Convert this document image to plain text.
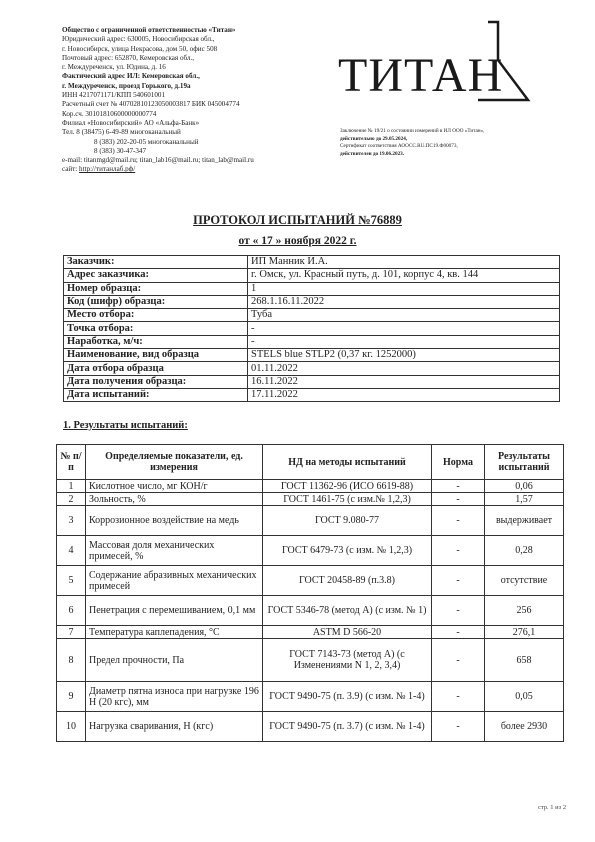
Общество с ограниченной ответственностью «Титан»
Юридический адрес: 630005, Новосибирская обл.,
г. Новосибирск, улица Некрасова, дом 50, офис 508
Почтовый адрес: 652870, Кемеровская обл.,
г. Междуреченск, ул. Юдина, д. 16
Фактический адрес ИЛ: Кемеровская обл.,
г. Междуреченск, проезд Горького, д.19а
ИНН 4217071171/КПП 540601001
Расчетный счет № 40702810123050003817 БИК 045004774
Кор.сч. 30101810600000000774
Филиал «Новосибирский» АО «Альфа-Банк»
Тел. 8 (38475) 6-49-89 многоканальный
8 (383) 202-20-05 многоканальный
8 (383) 30-47-347
e-mail: titanmgd@mail.ru; titan_lab16@mail.ru; titan_lab@mail.ru
сайт: http://титанлаб.рф/
ТИТАН
Заключение № 19/21 о состоянии измерений в ИЛ ООО «Титан»,
действительно до 29.05.2024,
Сертификат соответствия АООСС.RU.ПС19.Ф00073,
действителен до 19.06.2023.
ПРОТОКОЛ ИСПЫТАНИЙ №76889
от « 17 » ноября 2022 г.
Заказчик:	ИП Манник И.А.
Адрес заказчика:	г. Омск, ул. Красный путь, д. 101, корпус 4, кв. 144
Номер образца:	1
Код (шифр) образца:	268.1.16.11.2022
Место отбора:	Туба
Точка отбора:	-
Наработка, м/ч:	-
Наименование, вид образца	STELS blue STLP2 (0,37 кг. 1252000)
Дата отбора образца	01.11.2022
Дата получения образца:	16.11.2022
Дата испытаний:	17.11.2022
1. Результаты испытаний:
№ п/п	Определяемые показатели, ед. измерения	НД на методы испытаний	Норма	Результаты испытаний
1	Кислотное число, мг КОН/г	ГОСТ 11362-96 (ИСО 6619-88)	-	0,06
2	Зольность, %	ГОСТ 1461-75 (с изм.№ 1,2,3)	-	1,57
3	Коррозионное воздействие на медь	ГОСТ 9.080-77	-	выдерживает
4	Массовая доля механических примесей, %	ГОСТ 6479-73 (с изм. № 1,2,3)	-	0,28
5	Содержание абразивных механических примесей	ГОСТ 20458-89 (п.3.8)	-	отсутствие
6	Пенетрация с перемешиванием, 0,1 мм	ГОСТ 5346-78 (метод А) (с изм. № 1)	-	256
7	Температура каплепадения, °С	ASTM D 566-20	-	276,1
8	Предел прочности, Па	ГОСТ 7143-73 (метод А) (с Изменениями N 1, 2, 3,4)	-	658
9	Диаметр пятна износа при нагрузке 196 Н (20 кгс), мм	ГОСТ 9490-75 (п. 3.9) (с изм. № 1-4)	-	0,05
10	Нагрузка сваривания, Н (кгс)	ГОСТ 9490-75 (п. 3.7) (с изм. № 1-4)	-	более 2930
стр. 1 из 2
